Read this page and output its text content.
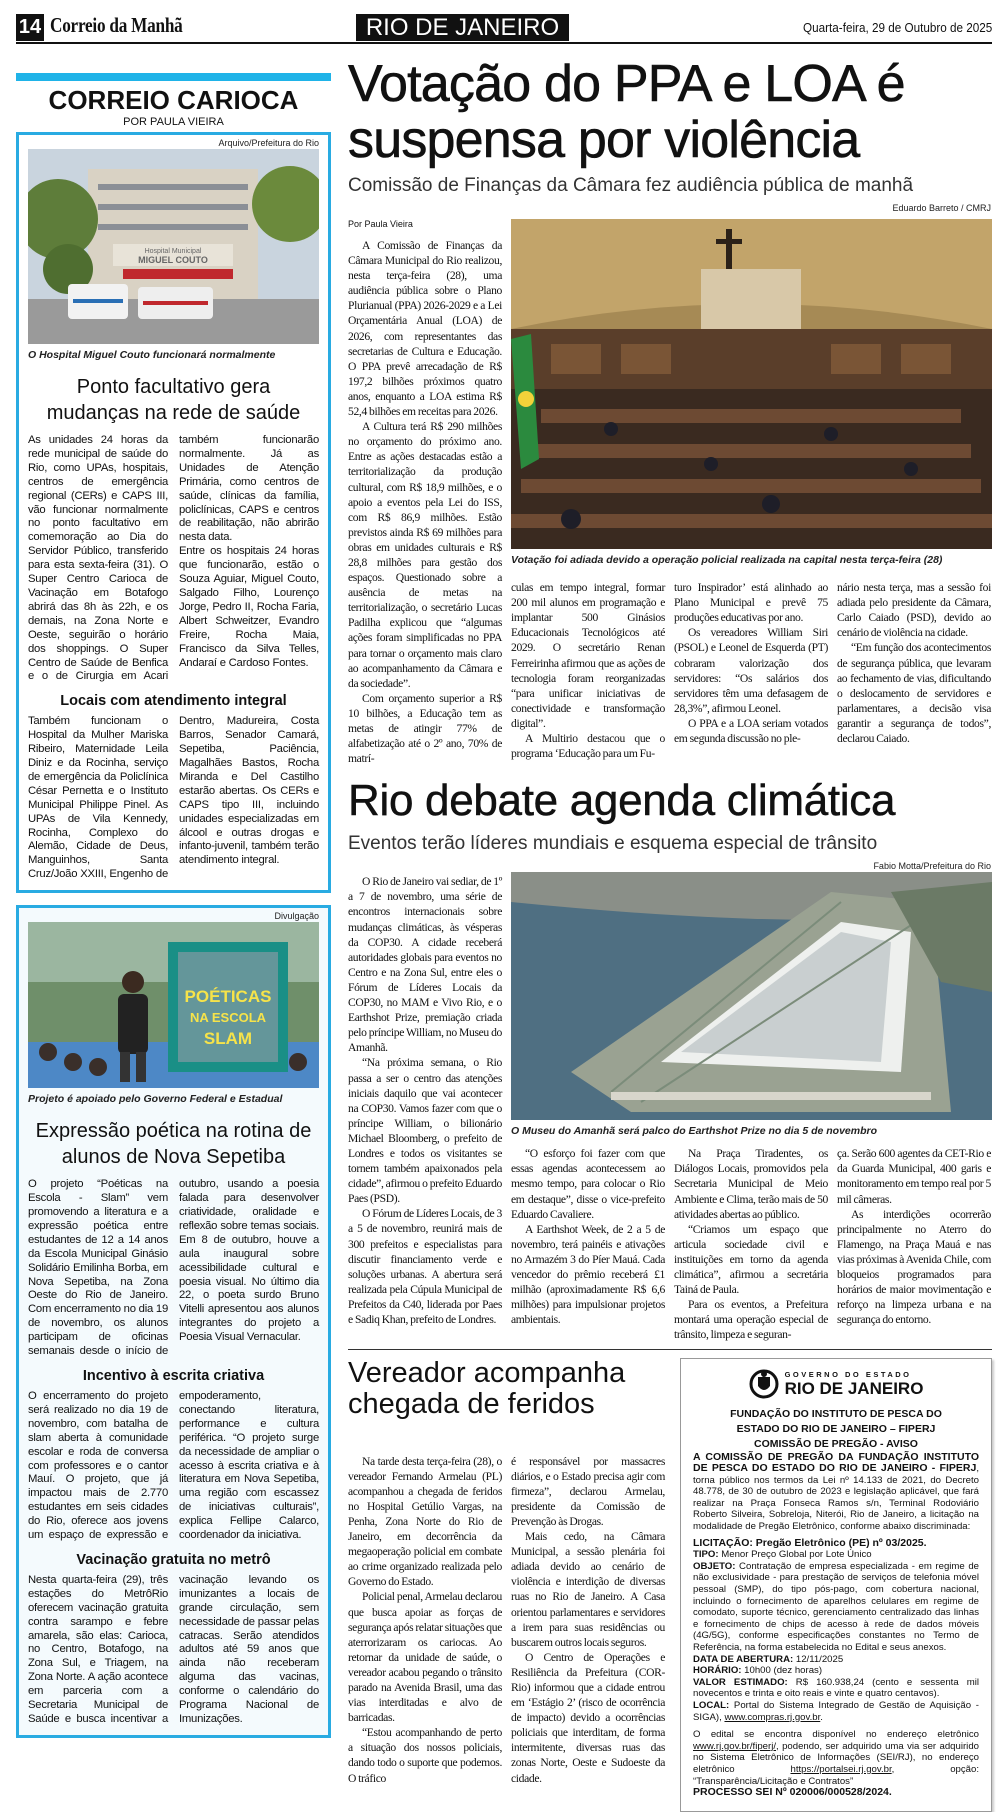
14 Correio da Manhã	RIO DE JANEIRO	Quarta-feira, 29 de Outubro de 2025
CORREIO CARIOCA
POR PAULA VIEIRA
Arquivo/Prefeitura do Rio
Hospital Municipal
MIGUEL COUTO
O Hospital Miguel Couto funcionará normalmente
Ponto facultativo gera mudanças na rede de saúde

As unidades 24 horas da rede municipal de saúde do Rio, como UPAs, hospitais, centros de emergência regional (CERs) e CAPS III, vão funcionar normalmente no ponto facultativo em comemoração ao Dia do Servidor Público, transferido para esta sexta-feira (31). O Super Centro Carioca de Vacinação em Botafogo abrirá das 8h às 22h, e os demais, na Zona Norte e Oeste, seguirão o horário dos shoppings. O Super Centro de Saúde de Benfica e o de Cirurgia em Acari também funcionarão normalmente. Já as Unidades de Atenção Primária, como centros de saúde, clínicas da família, policlínicas, CAPS e centros de reabilitação, não abrirão nesta data.

Entre os hospitais 24 horas que funcionarão, estão o Souza Aguiar, Miguel Couto, Salgado Filho, Lourenço Jorge, Pedro II, Rocha Faria, Albert Schweitzer, Evandro Freire, Rocha Maia, Francisco da Silva Telles, Andaraí e Cardoso Fontes.

Locais com atendimento integral

Também funcionam o Hospital da Mulher Mariska Ribeiro, Maternidade Leila Diniz e da Rocinha, serviço de emergência da Policlínica César Pernetta e o Instituto Municipal Philippe Pinel. As UPAs de Vila Kennedy, Rocinha, Complexo do Alemão, Cidade de Deus, Manguinhos, Santa Cruz/João XXIII, Engenho de Dentro, Madureira, Costa Barros, Senador Camará, Sepetiba, Paciência, Magalhães Bastos, Rocha Miranda e Del Castilho estarão abertas. Os CERs e CAPS tipo III, incluindo unidades especializadas em álcool e outras drogas e infanto-juvenil, também terão atendimento integral.

Divulgação
POÉTICAS
NA ESCOLA
SLAM
Projeto é apoiado pelo Governo Federal e Estadual
Expressão poética na rotina de alunos de Nova Sepetiba

O projeto “Poéticas na Escola - Slam” vem promovendo a literatura e a expressão poética entre estudantes de 12 a 14 anos da Escola Municipal Ginásio Solidário Emilinha Borba, em Nova Sepetiba, na Zona Oeste do Rio de Janeiro. Com encerramento no dia 19 de novembro, os alunos participam de oficinas semanais desde o início de outubro, usando a poesia falada para desenvolver criatividade, oralidade e reflexão sobre temas sociais. Em 8 de outubro, houve a aula inaugural sobre acessibilidade cultural e poesia visual. No último dia 22, o poeta surdo Bruno Vitelli apresentou aos alunos integrantes do projeto a Poesia Visual Vernacular.

Incentivo à escrita criativa

O encerramento do projeto será realizado no dia 19 de novembro, com batalha de slam aberta à comunidade escolar e roda de conversa com professores e o cantor Mauí. O projeto, que já impactou mais de 2.770 estudantes em seis cidades do Rio, oferece aos jovens um espaço de expressão e empoderamento, conectando literatura, performance e cultura periférica. “O projeto surge da necessidade de ampliar o acesso à escrita criativa e à literatura em Nova Sepetiba, uma região com escassez de iniciativas culturais”, explica Fellipe Calarco, coordenador da iniciativa.

Vacinação gratuita no metrô

Nesta quarta-feira (29), três estações do MetrôRio oferecem vacinação gratuita contra sarampo e febre amarela, são elas: Carioca, no Centro, Botafogo, na Zona Sul, e Triagem, na Zona Norte. A ação acontece em parceria com a Secretaria Municipal de Saúde e busca incentivar a vacinação levando os imunizantes a locais de grande circulação, sem necessidade de passar pelas catracas. Serão atendidos adultos até 59 anos que ainda não receberam alguma das vacinas, conforme o calendário do Programa Nacional de Imunizações.

Votação do PPA e LOA é suspensa por violência
Comissão de Finanças da Câmara fez audiência pública de manhã
Por Paula Vieira

A Comissão de Finanças da Câmara Municipal do Rio realizou, nesta terça-feira (28), uma audiência pública sobre o Plano Plurianual (PPA) 2026-2029 e a Lei Orçamentária Anual (LOA) de 2026, com representantes das secretarias de Cultura e Educação. O PPA prevê arrecadação de R$ 197,2 bilhões próximos quatro anos, enquanto a LOA estima R$ 52,4 bilhões em receitas para 2026.

A Cultura terá R$ 290 milhões no orçamento do próximo ano. Entre as ações destacadas estão a territorialização da produção cultural, com R$ 18,9 milhões, e o apoio a eventos pela Lei do ISS, com R$ 86,9 milhões. Estão previstos ainda R$ 69 milhões para obras em unidades culturais e R$ 28,8 milhões para gestão dos espaços. Questionado sobre a ausência de metas na territorialização, o secretário Lucas Padilha explicou que “algumas ações foram simplificadas no PPA para tornar o orçamento mais claro ao acompanhamento da Câmara e da sociedade”.

Com orçamento superior a R$ 10 bilhões, a Educação tem as metas de atingir 77% de alfabetização até o 2º ano, 70% de matrí-

Eduardo Barreto / CMRJ
Votação foi adiada devido a operação policial realizada na capital nesta terça-feira (28)

culas em tempo integral, formar 200 mil alunos em programação e implantar 500 Ginásios Educacionais Tecnológicos até 2029. O secretário Renan Ferreirinha afirmou que as ações de tecnologia foram reorganizadas “para unificar iniciativas de conectividade e transformação digital”.

A Multirio destacou que o programa ‘Educação para um Fu-

turo Inspirador’ está alinhado ao Plano Municipal e prevê 75 produções educativas por ano.

Os vereadores William Siri (PSOL) e Leonel de Esquerda (PT) cobraram valorização dos servidores: “Os salários dos servidores têm uma defasagem de 28,3%”, afirmou Leonel.

O PPA e a LOA seriam votados em segunda discussão no ple-

nário nesta terça, mas a sessão foi adiada pelo presidente da Câmara, Carlo Caiado (PSD), devido ao cenário de violência na cidade.

“Em função dos acontecimentos de segurança pública, que levaram ao fechamento de vias, dificultando o deslocamento de servidores e parlamentares, a decisão visa garantir a segurança de todos”, declarou Caiado.

Rio debate agenda climática
Eventos terão líderes mundiais e esquema especial de trânsito

O Rio de Janeiro vai sediar, de 1º a 7 de novembro, uma série de encontros internacionais sobre mudanças climáticas, às vésperas da COP30. A cidade receberá autoridades globais para eventos no Centro e na Zona Sul, entre eles o Fórum de Líderes Locais da COP30, no MAM e Vivo Rio, e o Earthshot Prize, premiação criada pelo príncipe William, no Museu do Amanhã.

“Na próxima semana, o Rio passa a ser o centro das atenções iniciais daquilo que vai acontecer na COP30. Vamos fazer com que o príncipe William, o bilionário Michael Bloomberg, o prefeito de Londres e todos os visitantes se tornem também apaixonados pela cidade”, afirmou o prefeito Eduardo Paes (PSD).

O Fórum de Líderes Locais, de 3 a 5 de novembro, reunirá mais de 300 prefeitos e especialistas para discutir financiamento verde e soluções urbanas. A abertura será realizada pela Cúpula Municipal de Prefeitos da C40, liderada por Paes e Sadiq Khan, prefeito de Londres.

Fabio Motta/Prefeitura do Rio
O Museu do Amanhã será palco do Earthshot Prize no dia 5 de novembro

“O esforço foi fazer com que essas agendas acontecessem ao mesmo tempo, para colocar o Rio em destaque”, disse o vice-prefeito Eduardo Cavaliere.

A Earthshot Week, de 2 a 5 de novembro, terá painéis e ativações no Armazém 3 do Píer Mauá. Cada vencedor do prêmio receberá £1 milhão (aproximadamente R$ 6,6 milhões) para impulsionar projetos ambientais.

Na Praça Tiradentes, os Diálogos Locais, promovidos pela Secretaria Municipal de Meio Ambiente e Clima, terão mais de 50 atividades abertas ao público.

“Criamos um espaço que articula sociedade civil e instituições em torno da agenda climática”, afirmou a secretária Tainá de Paula.

Para os eventos, a Prefeitura montará uma operação especial de trânsito, limpeza e seguran-

ça. Serão 600 agentes da CET-Rio e da Guarda Municipal, 400 garis e monitoramento em tempo real por 5 mil câmeras.

As interdições ocorrerão principalmente no Aterro do Flamengo, na Praça Mauá e nas vias próximas à Avenida Chile, com bloqueios programados para horários de maior movimentação e reforço na limpeza urbana e na segurança do entorno.

Vereador acompanha chegada de feridos

Na tarde desta terça-feira (28), o vereador Fernando Armelau (PL) acompanhou a chegada de feridos no Hospital Getúlio Vargas, na Penha, Zona Norte do Rio de Janeiro, em decorrência da megaoperação policial em combate ao crime organizado realizada pelo Governo do Estado.

Policial penal, Armelau declarou que busca apoiar as forças de segurança após relatar situações que aterrorizaram os cariocas. Ao retornar da unidade de saúde, o vereador acabou pegando o trânsito parado na Avenida Brasil, uma das vias interditadas e alvo de barricadas.

“Estou acompanhando de perto a situação dos nossos policiais, dando todo o suporte que podemos. O tráfico

é responsável por massacres diários, e o Estado precisa agir com firmeza”, declarou Armelau, presidente da Comissão de Prevenção às Drogas.

Mais cedo, na Câmara Municipal, a sessão plenária foi adiada devido ao cenário de violência e interdição de diversas ruas no Rio de Janeiro. A Casa orientou parlamentares e servidores a irem para suas residências ou buscarem outros locais seguros.

O Centro de Operações e Resiliência da Prefeitura (COR-Rio) informou que a cidade entrou em ‘Estágio 2’ (risco de ocorrência de impacto) devido a ocorrências policiais que interditam, de forma intermitente, diversas ruas das zonas Norte, Oeste e Sudoeste da cidade.

GOVERNO DO ESTADO
RIO DE JANEIRO
FUNDAÇÃO DO INSTITUTO DE PESCA DO
ESTADO DO RIO DE JANEIRO – FIPERJ
COMISSÃO DE PREGÃO - AVISO

A COMISSÃO DE PREGÃO DA FUNDAÇÃO INSTITUTO DE PESCA DO ESTADO DO RIO DE JANEIRO - FIPERJ, torna público nos termos da Lei nº 14.133 de 2021, do Decreto 48.778, de 30 de outubro de 2023 e legislação aplicável, que fará realizar na Praça Fonseca Ramos s/n, Terminal Rodoviário Roberto Silveira, Sobreloja, Niterói, Rio de Janeiro, a licitação na modalidade de Pregão Eletrônico, conforme abaixo discriminada:

LICITAÇÃO: Pregão Eletrônico (PE) nº 03/2025.
TIPO: Menor Preço Global por Lote Único
OBJETO: Contratação de empresa especializada - em regime de não exclusividade - para prestação de serviços de telefonia móvel pessoal (SMP), do tipo pós-pago, com cobertura nacional, incluindo o fornecimento de aparelhos celulares em regime de comodato, suporte técnico, gerenciamento centralizado das linhas e fornecimento de chips de acesso à rede de dados móveis (4G/5G), conforme especificações constantes no Termo de Referência, na forma estabelecida no Edital e seus anexos.
DATA DE ABERTURA: 12/11/2025
HORÁRIO: 10h00 (dez horas)
VALOR ESTIMADO: R$ 160.938,24 (cento e sessenta mil novecentos e trinta e oito reais e vinte e quatro centavos).
LOCAL: Portal do Sistema Integrado de Gestão de Aquisição - SIGA), www.compras.rj.gov.br.

O edital se encontra disponível no endereço eletrônico www.rj.gov.br/fiperj/, podendo, ser adquirido uma via ser adquirido no Sistema Eletrônico de Informações (SEI/RJ), no endereço eletrônico https://portalsei.rj.gov.br, opção: “Transparência/Licitação e Contratos”
PROCESSO SEI Nº 020006/000528/2024.
